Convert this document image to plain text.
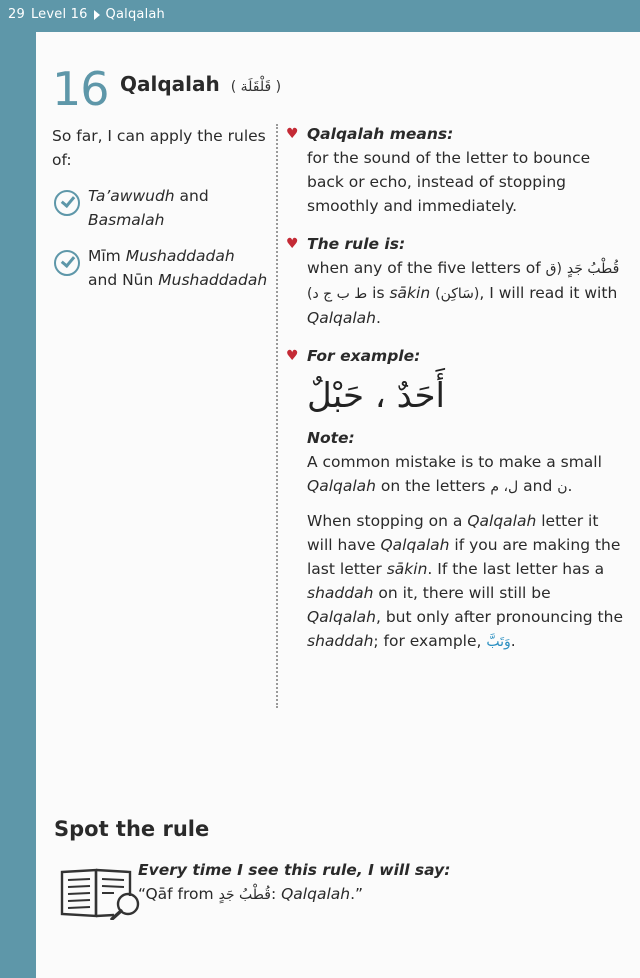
29 Level 16 Qalqalah
16 Qalqalah ( قَلْقَلَة )
So far, I can apply the rules of:
Ta’awwudh and
Basmalah
Mīm Mushaddadah
and Nūn Mushaddadah
♥ Qalqalah means:
for the sound of the letter to bounce back or echo, instead of stopping smoothly and immediately.
♥ The rule is:
when any of the five letters of قُطْبُ جَدٍ (ق ط ب ج د) is sākin (سَاكِن), I will read it with Qalqalah.
♥ For example:
أَحَدٌ ، حَبْلٌ
Note:
A common mistake is to make a small Qalqalah on the letters ل، م and ن.
When stopping on a Qalqalah letter it will have Qalqalah if you are making the last letter sākin. If the last letter has a shaddah on it, there will still be Qalqalah, but only after pronouncing the shaddah; for example, وَتَبَّ.
Spot the rule
Every time I see this rule, I will say:
“Qāf from قُطْبُ جَدٍ: Qalqalah.”
